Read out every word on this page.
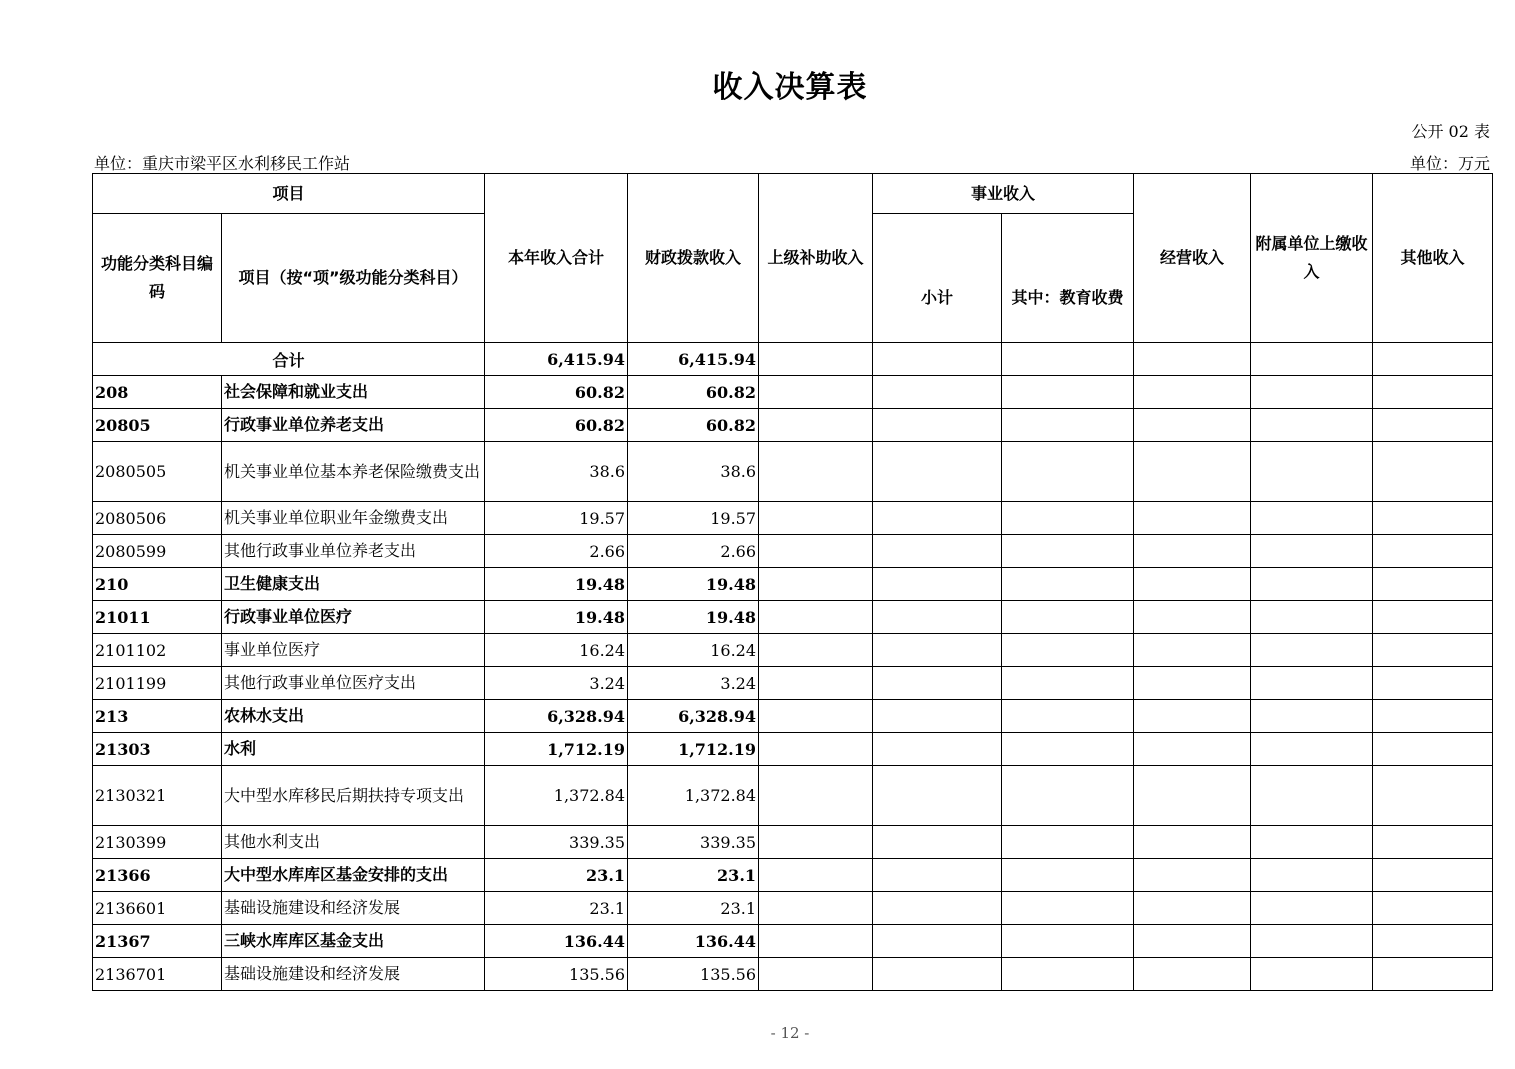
收入决算表
公开 02 表
单位：重庆市梁平区水利移民工作站	单位：万元
项目		本年收入合计	财政拨款收入	上级补助收入	事业收入		经营收入	附属单位上缴收入	其他收入
功能分类科目编码	项目（按“项”级功能分类科目）				小计	其中：教育收费			
合计		6,415.94	6,415.94						
208	社会保障和就业支出	60.82	60.82						
20805	行政事业单位养老支出	60.82	60.82						
2080505	机关事业单位基本养老保险缴费支出	38.6	38.6						
2080506	机关事业单位职业年金缴费支出	19.57	19.57						
2080599	其他行政事业单位养老支出	2.66	2.66						
210	卫生健康支出	19.48	19.48						
21011	行政事业单位医疗	19.48	19.48						
2101102	事业单位医疗	16.24	16.24						
2101199	其他行政事业单位医疗支出	3.24	3.24						
213	农林水支出	6,328.94	6,328.94						
21303	水利	1,712.19	1,712.19						
2130321	大中型水库移民后期扶持专项支出	1,372.84	1,372.84						
2130399	其他水利支出	339.35	339.35						
21366	大中型水库库区基金安排的支出	23.1	23.1						
2136601	基础设施建设和经济发展	23.1	23.1						
21367	三峡水库库区基金支出	136.44	136.44						
2136701	基础设施建设和经济发展	135.56	135.56						
- 12 -
